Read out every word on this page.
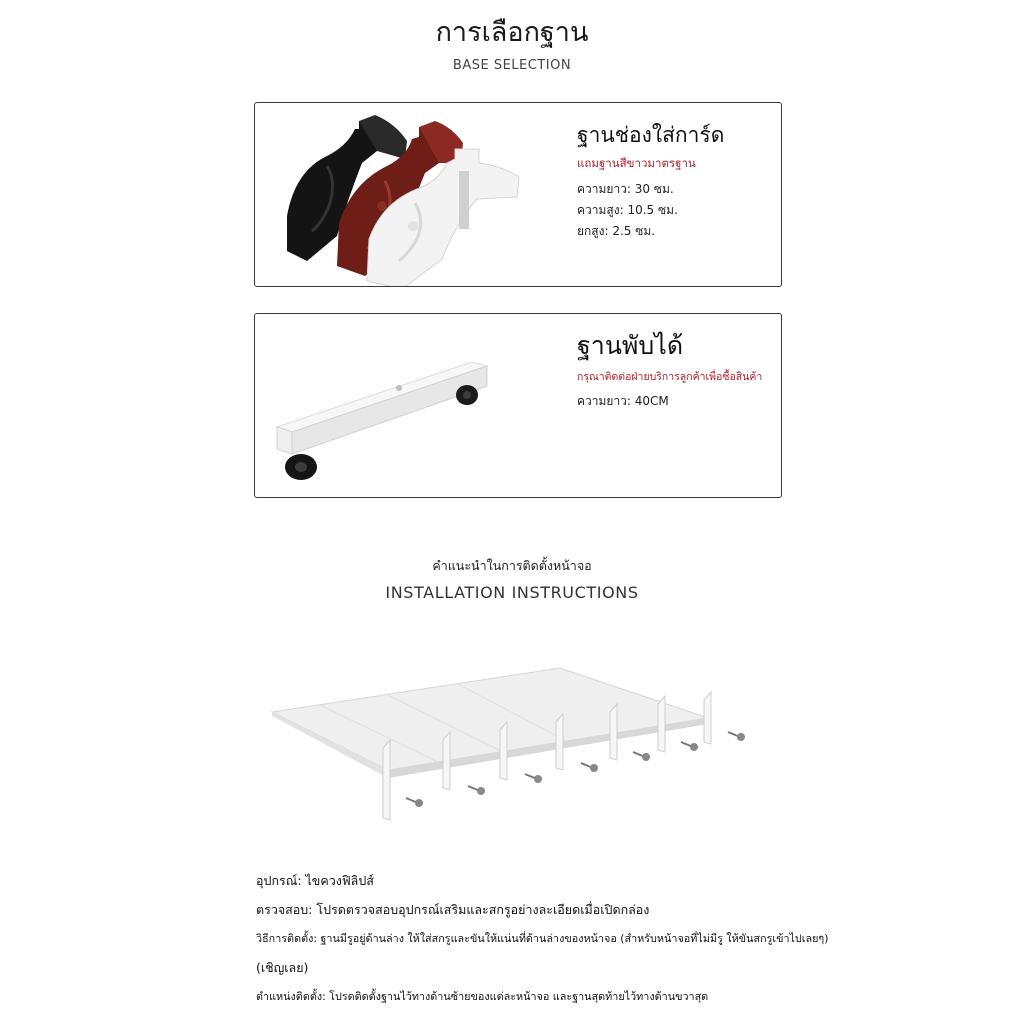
การเลือกฐาน
BASE SELECTION
ฐานช่องใส่การ์ด
แถมฐานสีขาวมาตรฐาน
ความยาว: 30 ซม.
ความสูง: 10.5 ซม.
ยกสูง: 2.5 ซม.
ฐานพับได้
กรุณาติดต่อฝ่ายบริการลูกค้าเพื่อซื้อสินค้า
ความยาว: 40CM
คำแนะนำในการติดตั้งหน้าจอ
INSTALLATION INSTRUCTIONS
อุปกรณ์: ไขควงฟิลิปส์
ตรวจสอบ: โปรดตรวจสอบอุปกรณ์เสริมและสกรูอย่างละเอียดเมื่อเปิดกล่อง
วิธีการติดตั้ง: ฐานมีรูอยู่ด้านล่าง ให้ใส่สกรูและขันให้แน่นที่ด้านล่างของหน้าจอ (สำหรับหน้าจอที่ไม่มีรู ให้ขันสกรูเข้าไปเลยๆ)
(เชิญเลย)
ตำแหน่งติดตั้ง: โปรดติดตั้งฐานไว้ทางด้านซ้ายของแต่ละหน้าจอ และฐานสุดท้ายไว้ทางด้านขวาสุด
